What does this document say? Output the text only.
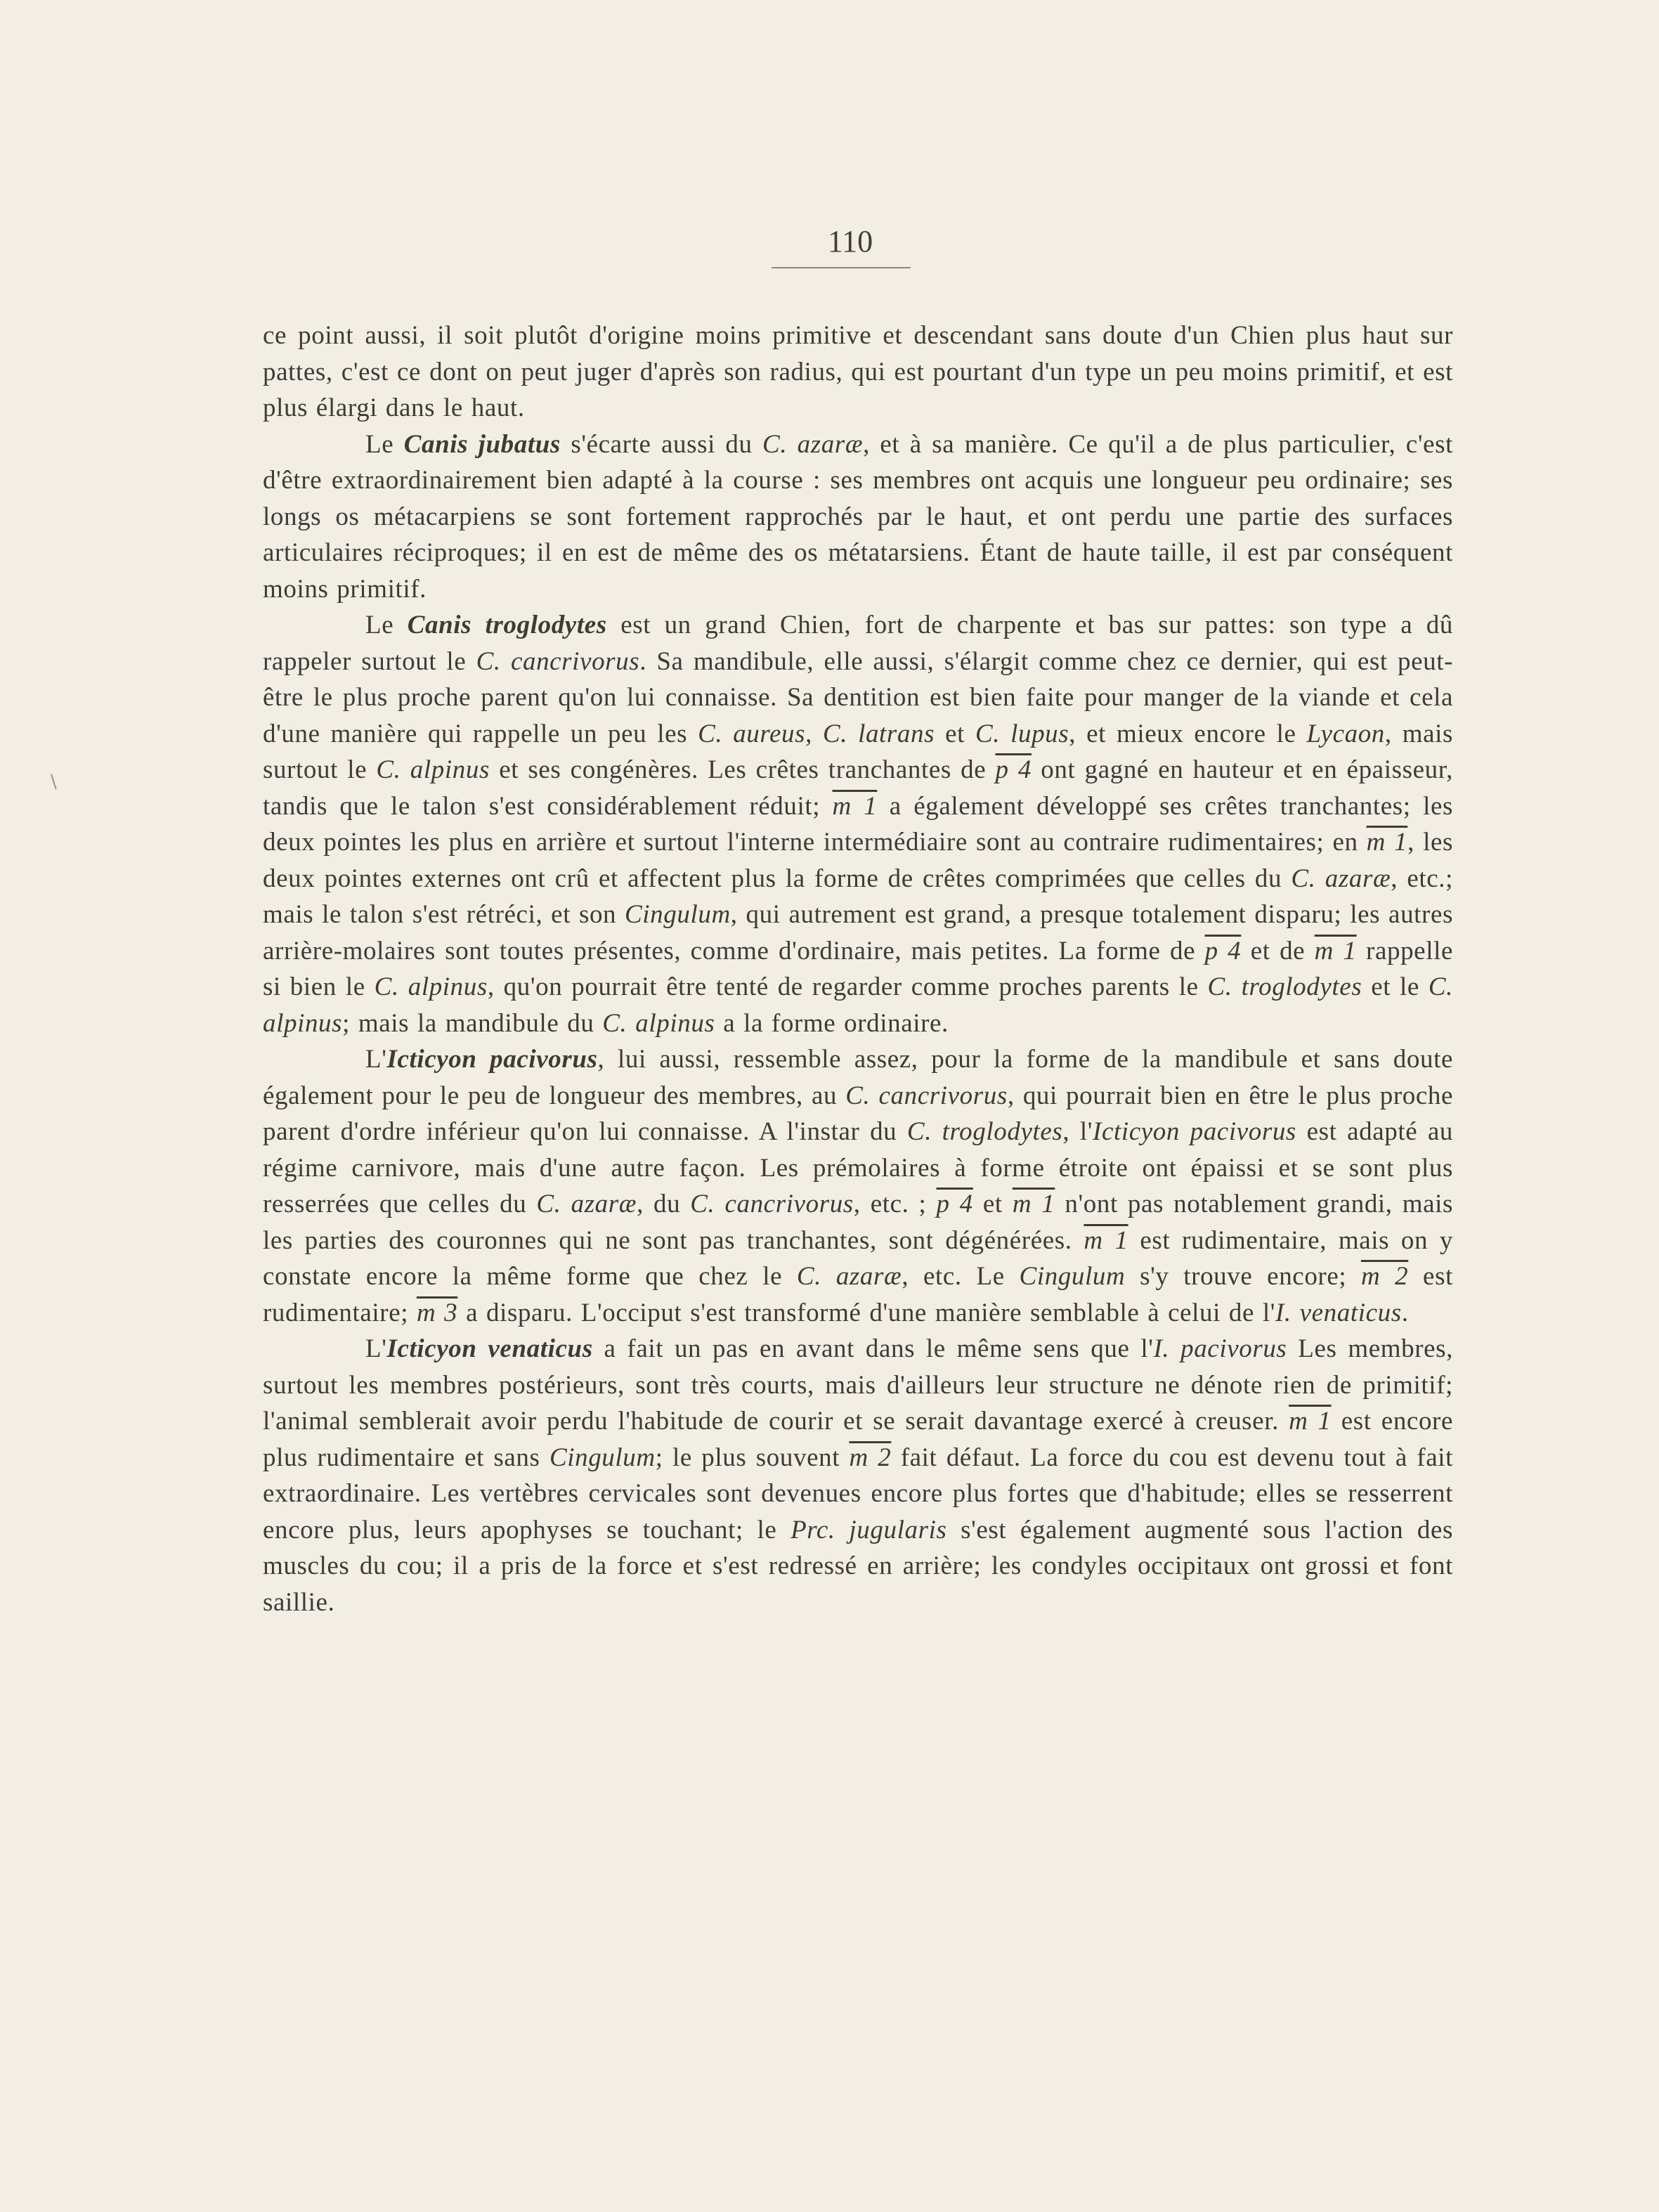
110
\

ce point aussi, il soit plutôt d'origine moins primitive et descendant sans doute d'un Chien plus haut sur pattes, c'est ce dont on peut juger d'après son radius, qui est pourtant d'un type un peu moins primitif, et est plus élargi dans le haut.

Le Canis jubatus s'écarte aussi du C. azaræ, et à sa manière. Ce qu'il a de plus particulier, c'est d'être extraordinairement bien adapté à la course : ses membres ont acquis une longueur peu ordinaire; ses longs os métacarpiens se sont fortement rapprochés par le haut, et ont perdu une partie des surfaces articulaires réciproques; il en est de même des os métatarsiens. Étant de haute taille, il est par conséquent moins primitif.

Le Canis troglodytes est un grand Chien, fort de charpente et bas sur pattes: son type a dû rappeler surtout le C. cancrivorus. Sa mandibule, elle aussi, s'élargit comme chez ce dernier, qui est peut-être le plus proche parent qu'on lui connaisse. Sa dentition est bien faite pour manger de la viande et cela d'une manière qui rappelle un peu les C. aureus, C. latrans et C. lupus, et mieux encore le Lycaon, mais surtout le C. alpinus et ses congénères. Les crêtes tranchantes de p 4 ont gagné en hauteur et en épaisseur, tandis que le talon s'est considérablement réduit; m 1 a également développé ses crêtes tranchantes; les deux pointes les plus en arrière et surtout l'interne intermédiaire sont au contraire rudimentaires; en m 1, les deux pointes externes ont crû et affectent plus la forme de crêtes comprimées que celles du C. azaræ, etc.; mais le talon s'est rétréci, et son Cingulum, qui autrement est grand, a presque totalement disparu; les autres arrière-molaires sont toutes présentes, comme d'ordinaire, mais petites. La forme de p 4 et de m 1 rappelle si bien le C. alpinus, qu'on pourrait être tenté de regarder comme proches parents le C. troglodytes et le C. alpinus; mais la mandibule du C. alpinus a la forme ordinaire.

L'Icticyon pacivorus, lui aussi, ressemble assez, pour la forme de la mandibule et sans doute également pour le peu de longueur des membres, au C. cancrivorus, qui pourrait bien en être le plus proche parent d'ordre inférieur qu'on lui connaisse. A l'instar du C. troglodytes, l'Icticyon pacivorus est adapté au régime carnivore, mais d'une autre façon. Les prémolaires à forme étroite ont épaissi et se sont plus resserrées que celles du C. azaræ, du C. cancrivorus, etc. ; p 4 et m 1 n'ont pas notablement grandi, mais les parties des couronnes qui ne sont pas tranchantes, sont dégénérées. m 1 est rudimentaire, mais on y constate encore la même forme que chez le C. azaræ, etc. Le Cingulum s'y trouve encore; m 2 est rudimentaire; m 3 a disparu. L'occiput s'est transformé d'une manière semblable à celui de l'I. venaticus.

L'Icticyon venaticus a fait un pas en avant dans le même sens que l'I. pacivorus Les membres, surtout les membres postérieurs, sont très courts, mais d'ailleurs leur structure ne dénote rien de primitif; l'animal semblerait avoir perdu l'habitude de courir et se serait davantage exercé à creuser. m 1 est encore plus rudimentaire et sans Cingulum; le plus souvent m 2 fait défaut. La force du cou est devenu tout à fait extraordinaire. Les vertèbres cervicales sont devenues encore plus fortes que d'habitude; elles se resserrent encore plus, leurs apophyses se touchant; le Prc. jugularis s'est également augmenté sous l'action des muscles du cou; il a pris de la force et s'est redressé en arrière; les condyles occipitaux ont grossi et font saillie.
